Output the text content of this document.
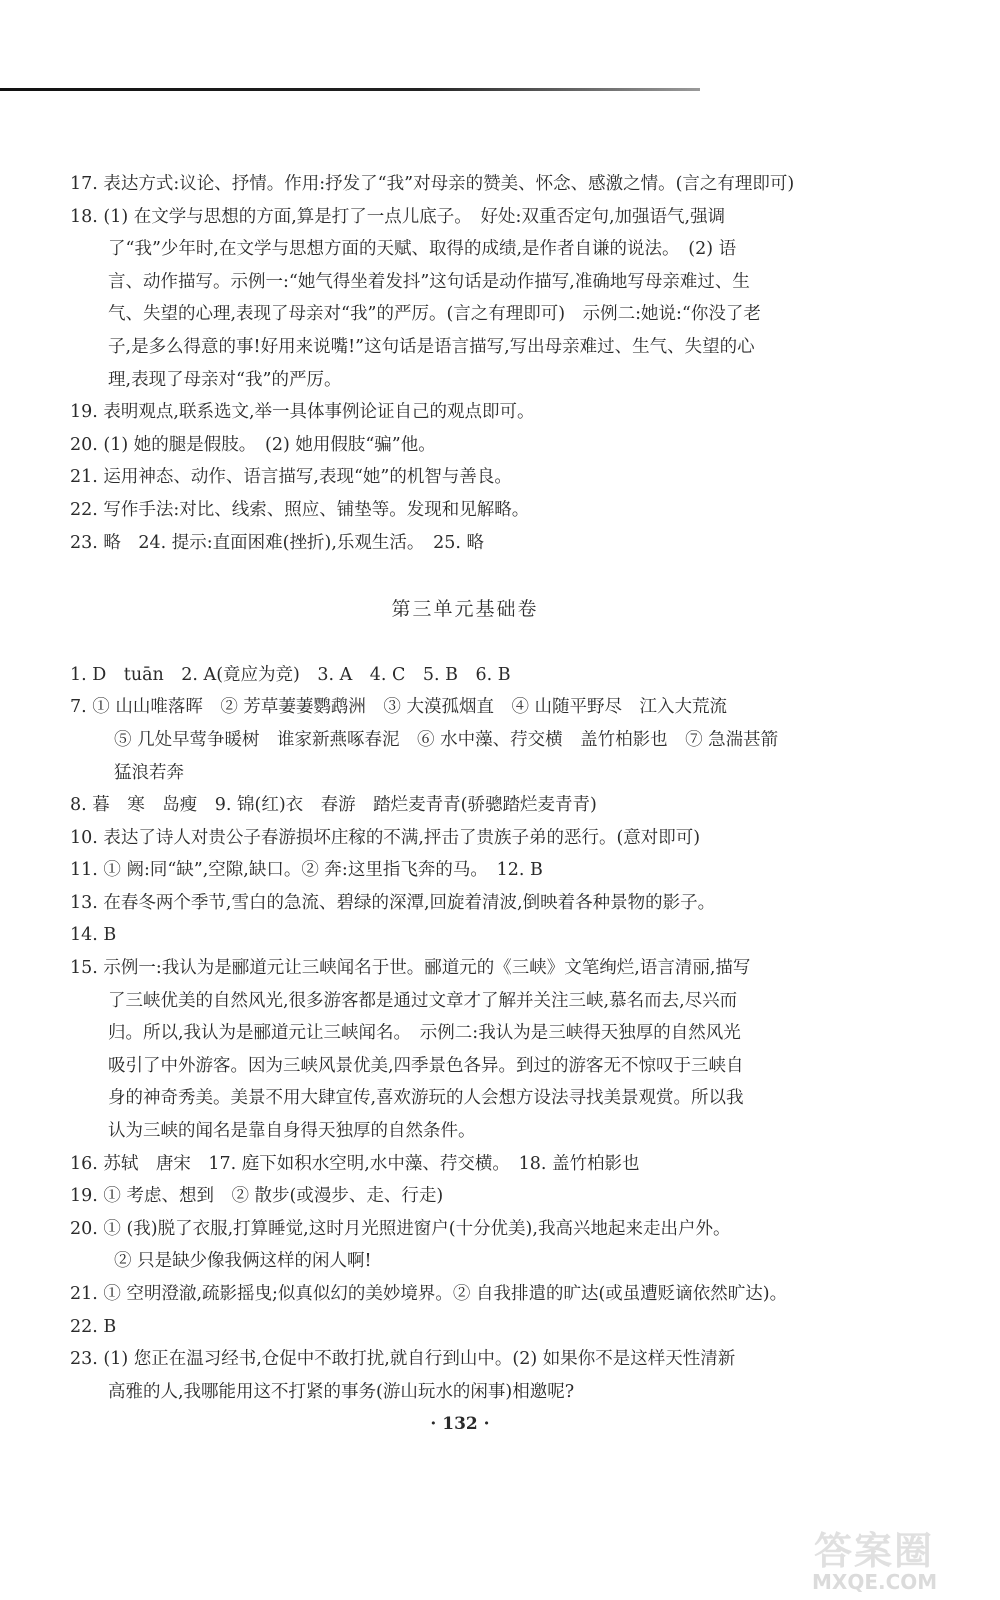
17. 表达方式:议论、抒情。作用:抒发了“我”对母亲的赞美、怀念、感激之情。(言之有理即可)
18. (1) 在文学与思想的方面,算是打了一点儿底子。　好处:双重否定句,加强语气,强调
了“我”少年时,在文学与思想方面的天赋、取得的成绩,是作者自谦的说法。　(2) 语
言、动作描写。示例一:“她气得坐着发抖”这句话是动作描写,准确地写母亲难过、生
气、失望的心理,表现了母亲对“我”的严厉。(言之有理即可)　示例二:她说:“你没了老
子,是多么得意的事!好用来说嘴!”这句话是语言描写,写出母亲难过、生气、失望的心
理,表现了母亲对“我”的严厉。
19. 表明观点,联系选文,举一具体事例论证自己的观点即可。
20. (1) 她的腿是假肢。　(2) 她用假肢“骗”他。
21. 运用神态、动作、语言描写,表现“她”的机智与善良。
22. 写作手法:对比、线索、照应、铺垫等。发现和见解略。
23. 略　24. 提示:直面困难(挫折),乐观生活。　25. 略
第三单元基础卷
1. D　tuān　2. A(竟应为竞)　3. A　4. C　5. B　6. B
7. ① 山山唯落晖　② 芳草萋萋鹦鹉洲　③ 大漠孤烟直　④ 山随平野尽　江入大荒流
⑤ 几处早莺争暖树　谁家新燕啄春泥　⑥ 水中藻、荇交横　盖竹柏影也　⑦ 急湍甚箭
猛浪若奔
8. 暮　寒　岛瘦　9. 锦(红)衣　春游　踏烂麦青青(骄骢踏烂麦青青)
10. 表达了诗人对贵公子春游损坏庄稼的不满,抨击了贵族子弟的恶行。(意对即可)
11. ① 阙:同“缺”,空隙,缺口。② 奔:这里指飞奔的马。　12. B
13. 在春冬两个季节,雪白的急流、碧绿的深潭,回旋着清波,倒映着各种景物的影子。
14. B
15. 示例一:我认为是郦道元让三峡闻名于世。郦道元的《三峡》文笔绚烂,语言清丽,描写
了三峡优美的自然风光,很多游客都是通过文章才了解并关注三峡,慕名而去,尽兴而
归。所以,我认为是郦道元让三峡闻名。　示例二:我认为是三峡得天独厚的自然风光
吸引了中外游客。因为三峡风景优美,四季景色各异。到过的游客无不惊叹于三峡自
身的神奇秀美。美景不用大肆宣传,喜欢游玩的人会想方设法寻找美景观赏。所以我
认为三峡的闻名是靠自身得天独厚的自然条件。
16. 苏轼　唐宋　17. 庭下如积水空明,水中藻、荇交横。　18. 盖竹柏影也
19. ① 考虑、想到　② 散步(或漫步、走、行走)
20. ① (我)脱了衣服,打算睡觉,这时月光照进窗户(十分优美),我高兴地起来走出户外。
② 只是缺少像我俩这样的闲人啊!
21. ① 空明澄澈,疏影摇曳;似真似幻的美妙境界。② 自我排遣的旷达(或虽遭贬谪依然旷达)。
22. B
23. (1) 您正在温习经书,仓促中不敢打扰,就自行到山中。(2) 如果你不是这样天性清新
高雅的人,我哪能用这不打紧的事务(游山玩水的闲事)相邀呢?
· 132 ·
答案圈
MXQE.COM
